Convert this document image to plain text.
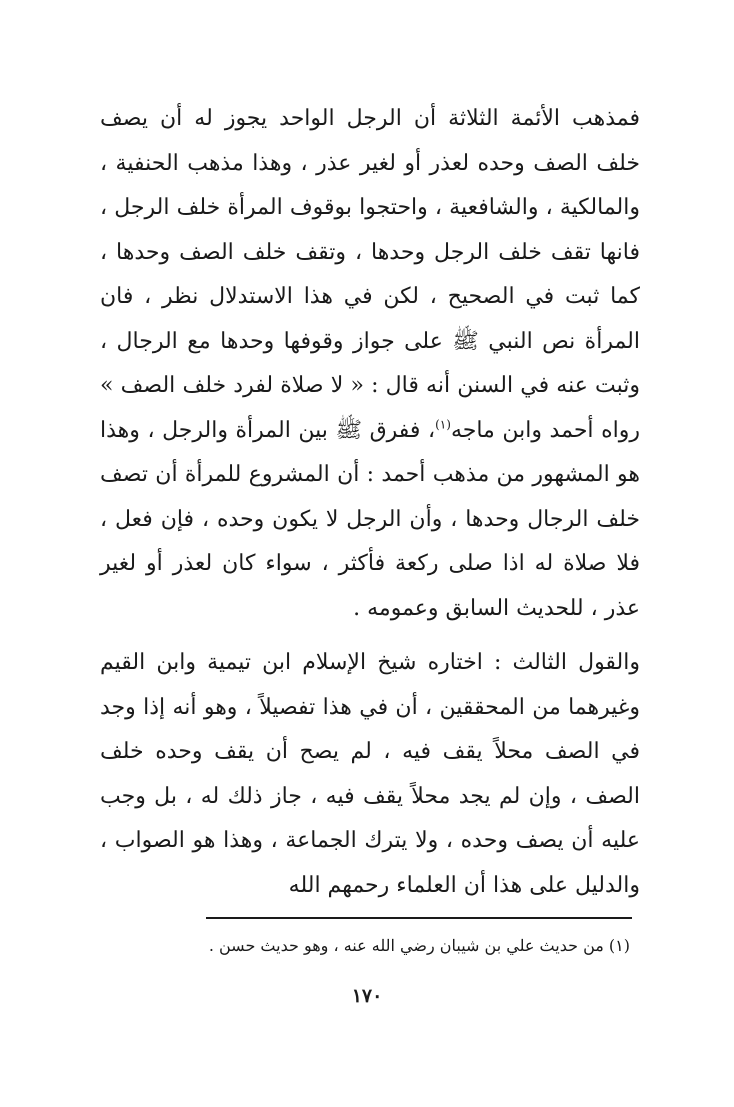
فمذهب الأئمة الثلاثة أن الرجل الواحد يجوز له أن يصف خلف الصف وحده لعذر أو لغير عذر ، وهذا مذهب الحنفية ، والمالكية ، والشافعية ، واحتجوا بوقوف المرأة خلف الرجل ، فانها تقف خلف الرجل وحدها ، وتقف خلف الصف وحدها ، كما ثبت في الصحيح ، لكن في هذا الاستدلال نظر ، فان المرأة نص النبي ﷺ على جواز وقوفها وحدها مع الرجال ، وثبت عنه في السنن أنه قال : « لا صلاة لفرد خلف الصف » رواه أحمد وابن ماجه$^{(١)}$، ففرق ﷺ بين المرأة والرجل ، وهذا هو المشهور من مذهب أحمد : أن المشروع للمرأة أن تصف خلف الرجال وحدها ، وأن الرجل لا يكون وحده ، فإن فعل ، فلا صلاة له اذا صلى ركعة فأكثر ، سواء كان لعذر أو لغير عذر ، للحديث السابق وعمومه .

والقول الثالث : اختاره شيخ الإسلام ابن تيمية وابن القيم وغيرهما من المحققين ، أن في هذا تفصيلاً ، وهو أنه إذا وجد في الصف محلاً يقف فيه ، لم يصح أن يقف وحده خلف الصف ، وإن لم يجد محلاً يقف فيه ، جاز ذلك له ، بل وجب عليه أن يصف وحده ، ولا يترك الجماعة ، وهذا هو الصواب ، والدليل على هذا أن العلماء رحمهم الله

(١) من حديث علي بن شيبان رضي الله عنه ، وهو حديث حسن .
١٧٠
